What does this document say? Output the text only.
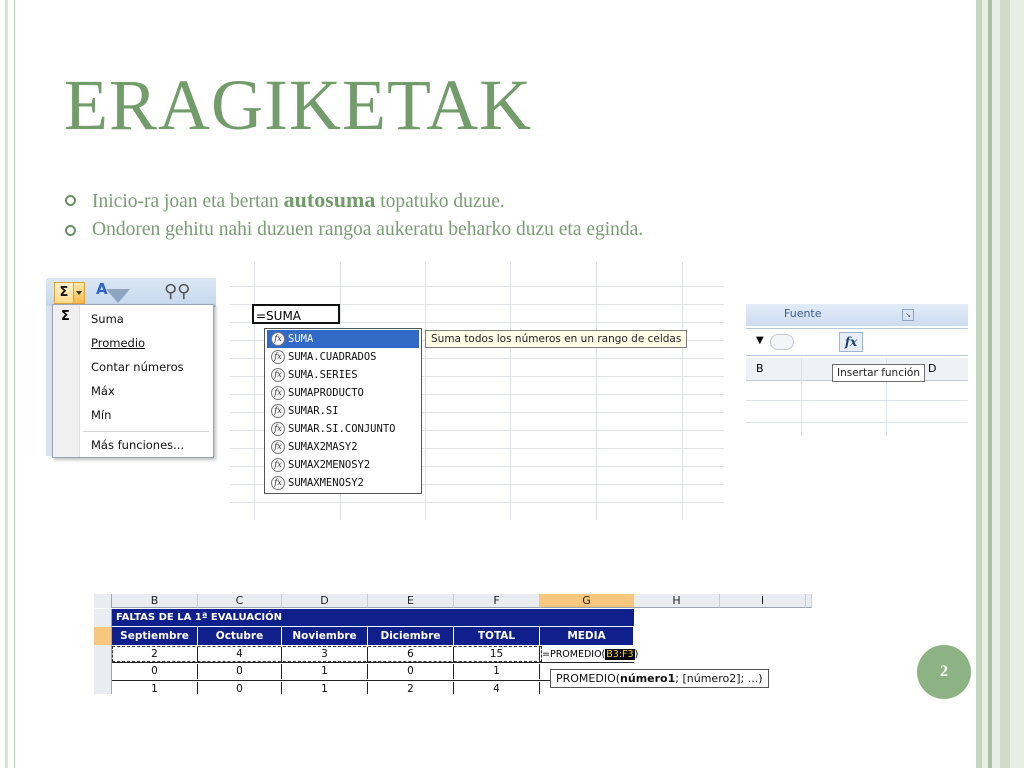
ERAGIKETAK
Inicio-ra joan eta bertan autosuma topatuko duzue.
Ondoren gehitu nahi duzuen rangoa aukeratu beharko duzu eta eginda.
Σ	A	⚲⚲
Σ Suma
Promedio
Contar números
Máx
Mín
Más funciones...
=SUMA
fx SUMA
fx SUMA.CUADRADOS
fx SUMA.SERIES
fx SUMAPRODUCTO
fx SUMAR.SI
fx SUMAR.SI.CONJUNTO
fx SUMAX2MASY2
fx SUMAX2MENOSY2
fx SUMAXMENOSY2
Suma todos los números en un rango de celdas
Fuente	↘
▼	fx
B	D
Insertar función
B	C	D	E	F	G	H	I
FALTAS DE LA 1ª EVALUACIÓN
Septiembre	Octubre	Noviembre	Diciembre	TOTAL	MEDIA
2	4	3	6	15
0	0	1	0	1
1	0	1	2	4
=PROMEDIO(B3:F3)
PROMEDIO(número1; [número2]; ...)	2
